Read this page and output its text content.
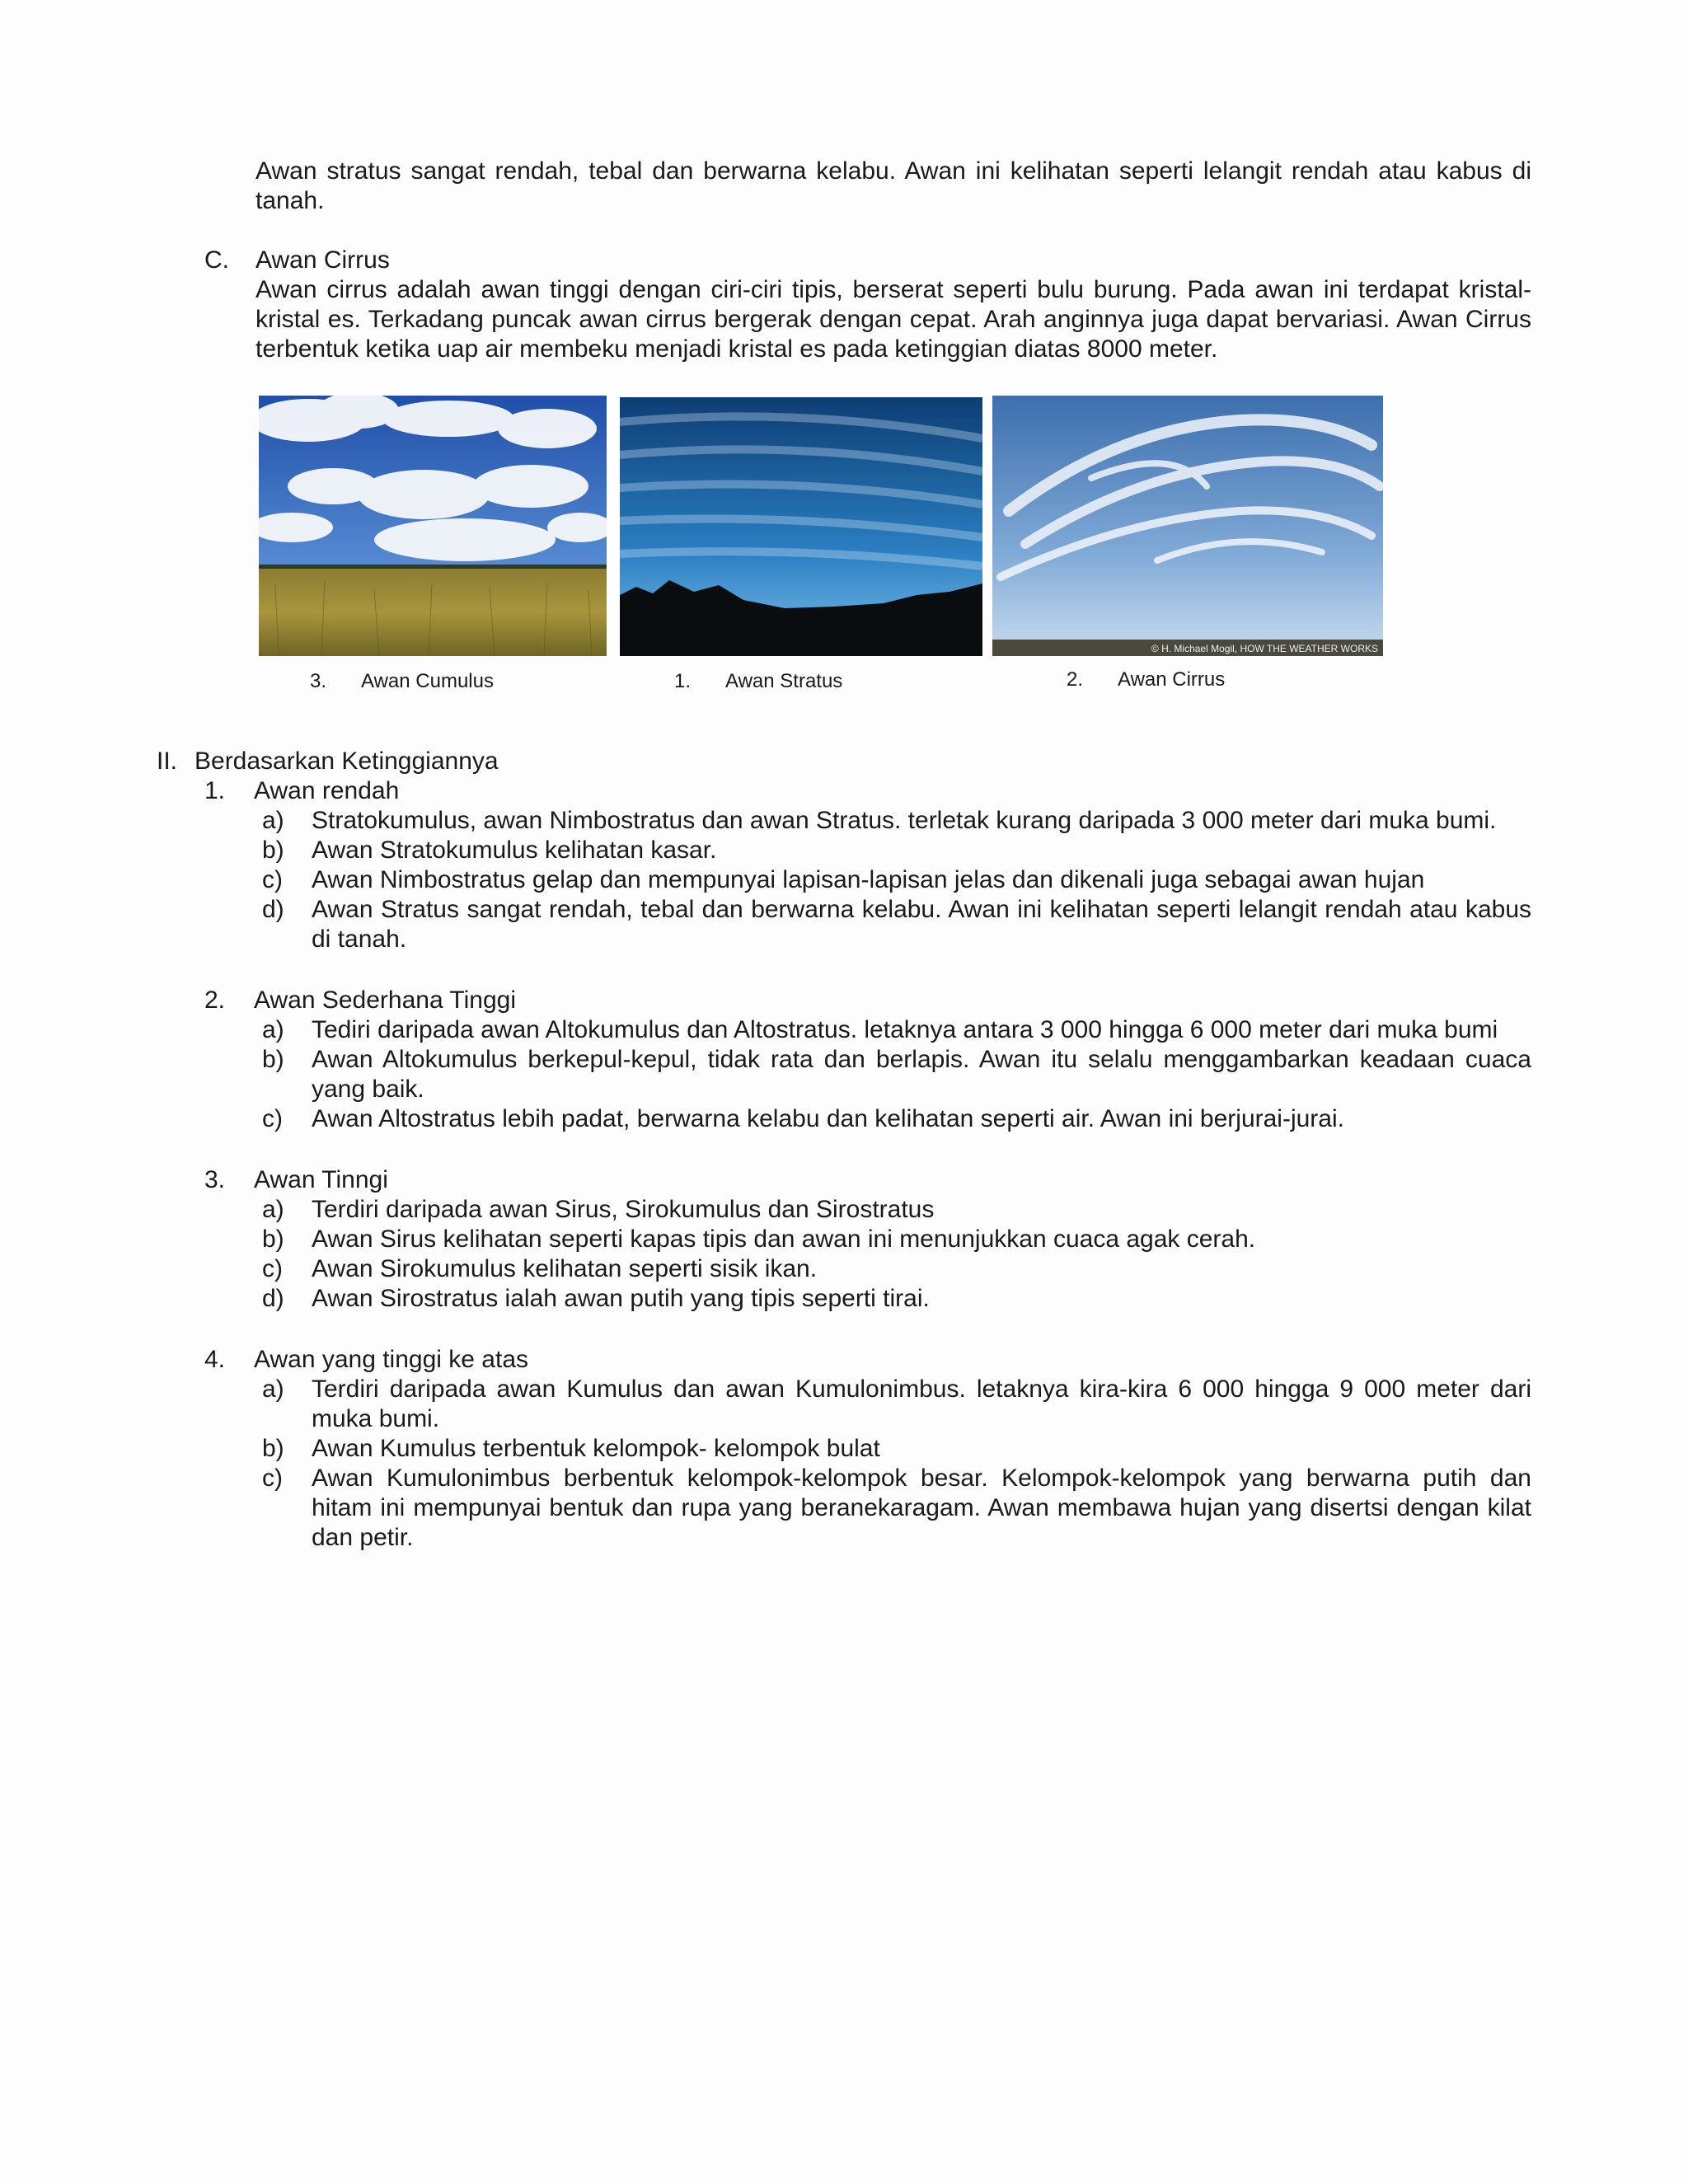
Awan stratus sangat rendah, tebal dan berwarna kelabu. Awan ini kelihatan seperti lelangit rendah atau kabus di tanah.

C. Awan Cirrus

Awan cirrus adalah awan tinggi dengan ciri-ciri tipis, berserat seperti bulu burung. Pada awan ini terdapat kristal-kristal es. Terkadang puncak awan cirrus bergerak dengan cepat. Arah anginnya juga dapat bervariasi. Awan Cirrus terbentuk ketika uap air membeku menjadi kristal es pada ketinggian diatas 8000 meter.

© H. Michael Mogil, HOW THE WEATHER WORKS
3. Awan Cumulus	1. Awan Stratus	2. Awan Cirrus
II. Berdasarkan Ketinggiannya
1. Awan rendah
a) Stratokumulus, awan Nimbostratus dan awan Stratus. terletak kurang daripada 3 000 meter dari muka bumi.

b) Awan Stratokumulus kelihatan kasar.

c) Awan Nimbostratus gelap dan mempunyai lapisan-lapisan jelas dan dikenali juga sebagai awan hujan

d) Awan Stratus sangat rendah, tebal dan berwarna kelabu. Awan ini kelihatan seperti lelangit rendah atau kabus di tanah.

2. Awan Sederhana Tinggi
a) Tediri daripada awan Altokumulus dan Altostratus. letaknya antara 3 000 hingga 6 000 meter dari muka bumi

b) Awan Altokumulus berkepul-kepul, tidak rata dan berlapis. Awan itu selalu menggambarkan keadaan cuaca yang baik.

c) Awan Altostratus lebih padat, berwarna kelabu dan kelihatan seperti air. Awan ini berjurai-jurai.

3. Awan Tinngi
a) Terdiri daripada awan Sirus, Sirokumulus dan Sirostratus

b) Awan Sirus kelihatan seperti kapas tipis dan awan ini menunjukkan cuaca agak cerah.

c) Awan Sirokumulus kelihatan seperti sisik ikan.

d) Awan Sirostratus ialah awan putih yang tipis seperti tirai.

4. Awan yang tinggi ke atas
a) Terdiri daripada awan Kumulus dan awan Kumulonimbus. letaknya kira-kira 6 000 hingga 9 000 meter dari muka bumi.

b) Awan Kumulus terbentuk kelompok- kelompok bulat

c) Awan Kumulonimbus berbentuk kelompok-kelompok besar. Kelompok-kelompok yang berwarna putih dan hitam ini mempunyai bentuk dan rupa yang beranekaragam. Awan membawa hujan yang disertsi dengan kilat dan petir.
